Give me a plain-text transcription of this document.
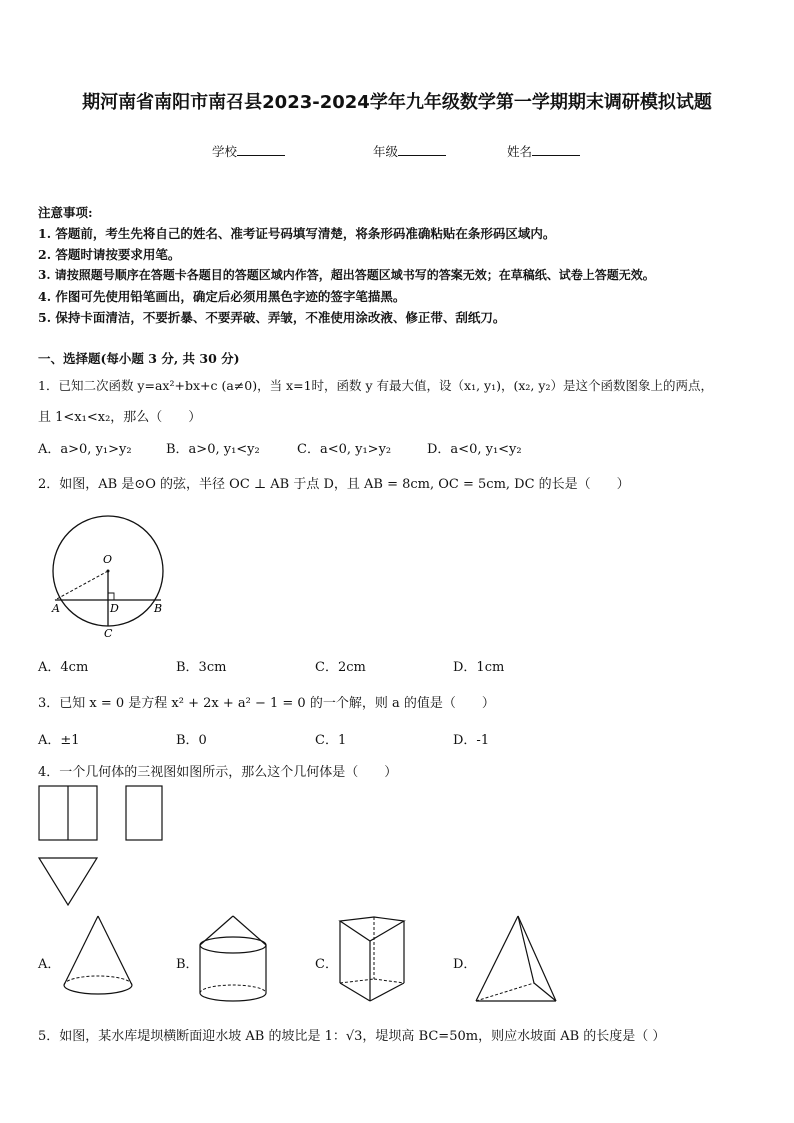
期河南省南阳市南召县2023-2024学年九年级数学第一学期期末调研模拟试题
学校	年级	姓名
注意事项:
1. 答题前，考生先将自己的姓名、准考证号码填写清楚，将条形码准确粘贴在条形码区域内。
2. 答题时请按要求用笔。
3. 请按照题号顺序在答题卡各题目的答题区域内作答，超出答题区域书写的答案无效；在草稿纸、试卷上答题无效。
4. 作图可先使用铅笔画出，确定后必须用黑色字迹的签字笔描黑。
5. 保持卡面清洁，不要折暴、不要弄破、弄皱，不准使用涂改液、修正带、刮纸刀。
一、选择题(每小题 3 分, 共 30 分)
1．已知二次函数 y=ax²+bx+c (a≠0)，当 x=1时，函数 y 有最大值，设（x₁, y₁)，(x₂, y₂）是这个函数图象上的两点，
且 1<x₁<x₂，那么（　　）
A．a>0, y₁>y₂	B．a>0, y₁<y₂	C．a<0, y₁>y₂	D．a<0, y₁<y₂
2．如图，AB 是⊙O 的弦，半径 OC ⊥ AB 于点 D，且 AB = 8cm, OC = 5cm, DC 的长是（　　）
O
A	B
D
C
A．4cm	B．3cm	C．2cm	D．1cm
3．已知 x = 0 是方程 x² + 2x + a² − 1 = 0 的一个解，则 a 的值是（　　）
A．±1	B．0	C．1	D．-1
4．一个几何体的三视图如图所示，那么这个几何体是（　　）
A．	B．	C．	D．
5．如图，某水库堤坝横断面迎水坡 AB 的坡比是 1：√3，堤坝高 BC=50m，则应水坡面 AB 的长度是（ ）
